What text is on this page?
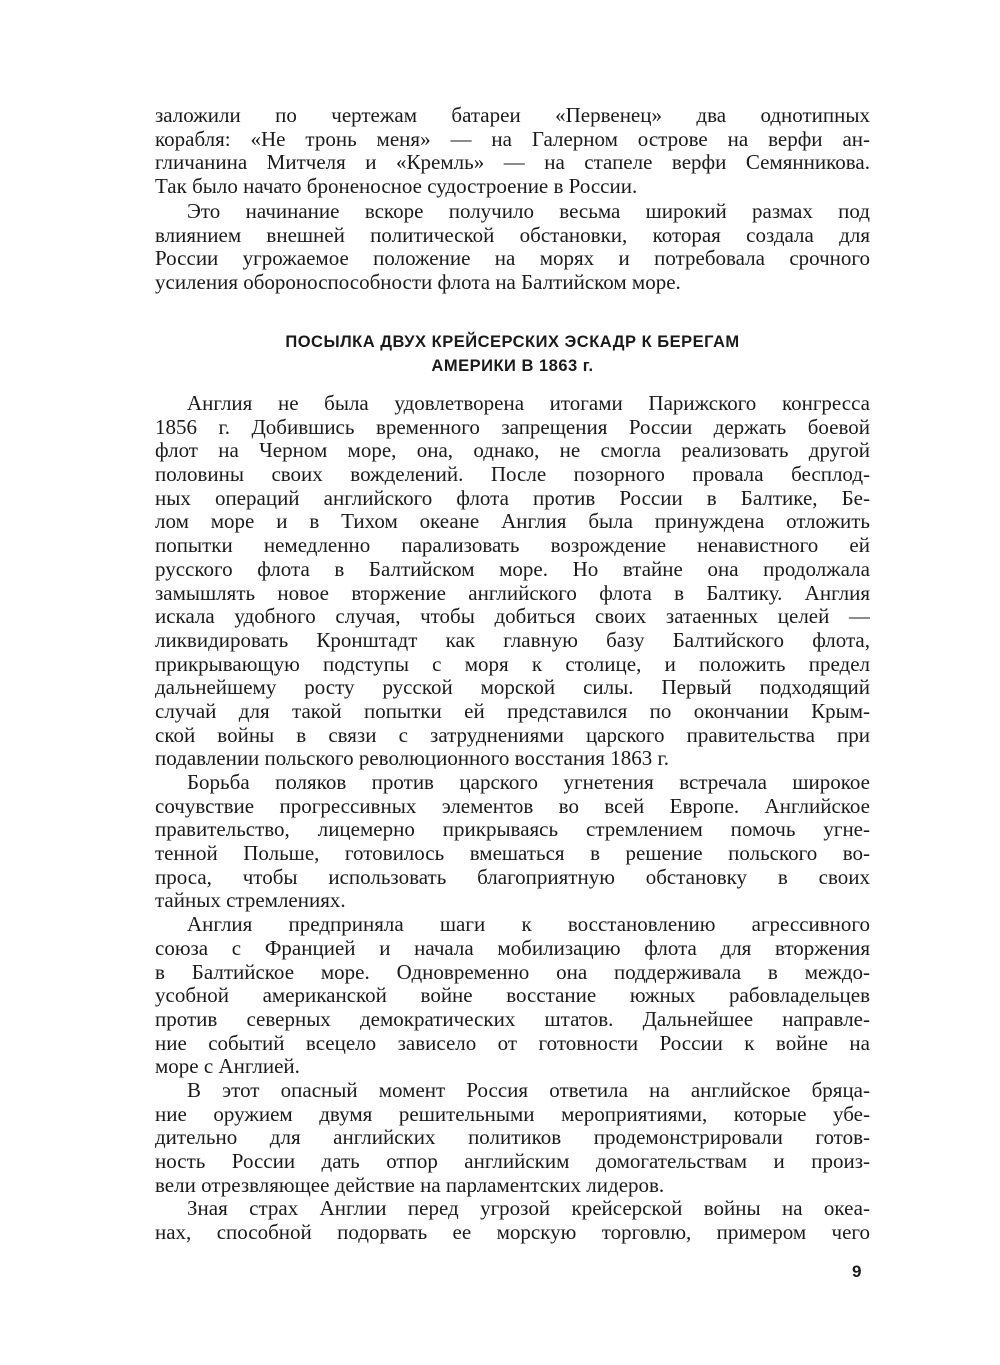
заложили по чертежам батареи «Первенец» два однотипных
корабля: «Не тронь меня» — на Галерном острове на верфи ан-
гличанина Митчеля и «Кремль» — на стапеле верфи Семянникова.
Так было начато броненосное судостроение в России.
Это начинание вскоре получило весьма широкий размах под
влиянием внешней политической обстановки, которая создала для
России угрожаемое положение на морях и потребовала срочного
усиления обороноспособности флота на Балтийском море.
ПОСЫЛКА ДВУХ КРЕЙСЕРСКИХ ЭСКАДР К БЕРЕГАМ
АМЕРИКИ В 1863 г.
Англия не была удовлетворена итогами Парижского конгресса
1856 г. Добившись временного запрещения России держать боевой
флот на Черном море, она, однако, не смогла реализовать другой
половины своих вожделений. После позорного провала бесплод-
ных операций английского флота против России в Балтике, Бе-
лом море и в Тихом океане Англия была принуждена отложить
попытки немедленно парализовать возрождение ненавистного ей
русского флота в Балтийском море. Но втайне она продолжала
замышлять новое вторжение английского флота в Балтику. Англия
искала удобного случая, чтобы добиться своих затаенных целей —
ликвидировать Кронштадт как главную базу Балтийского флота,
прикрывающую подступы с моря к столице, и положить предел
дальнейшему росту русской морской силы. Первый подходящий
случай для такой попытки ей представился по окончании Крым-
ской войны в связи с затруднениями царского правительства при
подавлении польского революционного восстания 1863 г.
Борьба поляков против царского угнетения встречала широкое
сочувствие прогрессивных элементов во всей Европе. Английское
правительство, лицемерно прикрываясь стремлением помочь угне-
тенной Польше, готовилось вмешаться в решение польского во-
проса, чтобы использовать благоприятную обстановку в своих
тайных стремлениях.
Англия предприняла шаги к восстановлению агрессивного
союза с Францией и начала мобилизацию флота для вторжения
в Балтийское море. Одновременно она поддерживала в междо-
усобной американской войне восстание южных рабовладельцев
против северных демократических штатов. Дальнейшее направле-
ние событий всецело зависело от готовности России к войне на
море с Англией.
В этот опасный момент Россия ответила на английское бряца-
ние оружием двумя решительными мероприятиями, которые убе-
дительно для английских политиков продемонстрировали готов-
ность России дать отпор английским домогательствам и произ-
вели отрезвляющее действие на парламентских лидеров.
Зная страх Англии перед угрозой крейсерской войны на океа-
нах, способной подорвать ее морскую торговлю, примером чего
9
